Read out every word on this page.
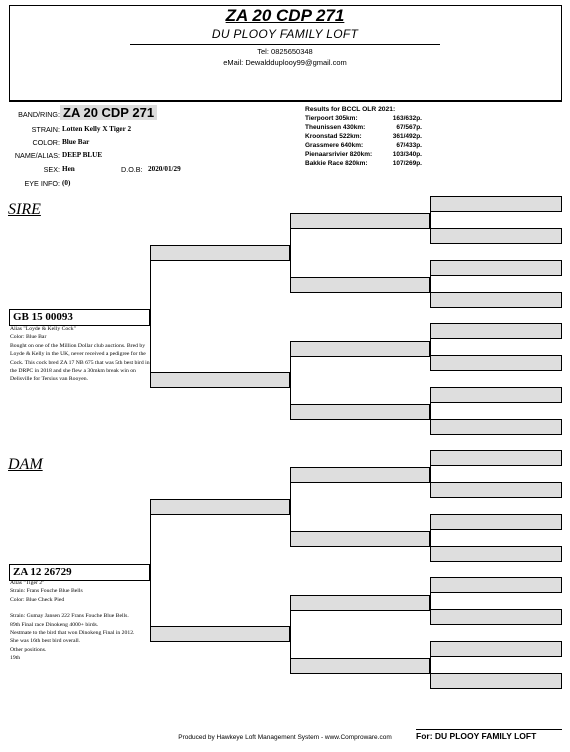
ZA 20 CDP 271
DU PLOOY FAMILY LOFT
Tel: 0825650348
eMail: Dewaldduplooy99@gmail.com
BAND/RING: ZA 20 CDP 271
STRAIN: Lotten Kelly X Tiger 2
COLOR: Blue Bar
NAME/ALIAS: DEEP BLUE
SEX: Hen	D.O.B: 2020/01/29
EYE INFO: (0)
Results for BCCL OLR 2021:
Tierpoort 305km:	163/632p.
Theunissen 430km:	67/567p.
Kroonstad 522km:	361/492p.
Grassmere 640km:	67/433p.
Pienaarsrivier 820km:	103/340p.
Bakkie Race 820km:	107/269p.
SIRE
GB 15 00093
Alias "Loyde & Kelly Cock"
Color: Blue Bar
Bought on one of the Million Dollar club auctions. Bred by Loyde & Kelly in the UK, never received a pedigree for the Cock. This cock bred ZA 17 NB 675 that was 5th best bird in the DRPC in 2018 and she flew a 30mkm break win on Delisville for Tersius van Rooyen.
DAM
ZA 12 26729
Alias "Tiger 2"
Strain: Frans Fouche Blue Bells
Color: Blue Check Pied
Strain: Gumay Jansen 222 Frans Fouche Blue Bells.
89th Final race Dinokeng 4000+ birds.
Nestmate to the bird that won Dinokeng Final in 2012.
She was 16th best bird overall.
Other positions.
19th
Produced by Hawkeye Loft Management System - www.Comproware.com	For: DU PLOOY FAMILY LOFT
